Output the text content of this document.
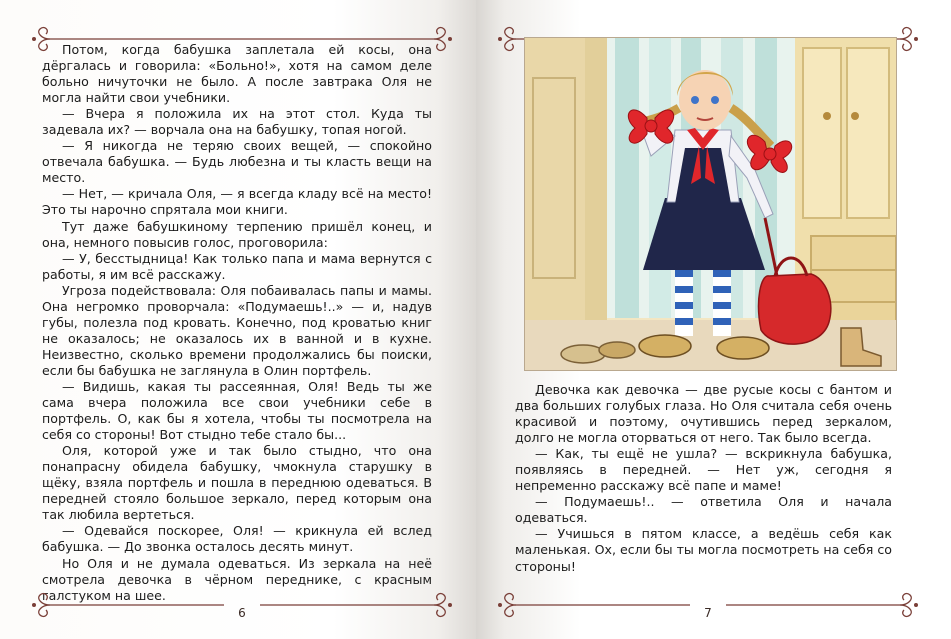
Потом, когда бабушка заплетала ей косы, она дёргалась и говорила: «Больно!», хотя на самом деле больно ничуточки не было. А после завтрака Оля не могла найти свои учебники.

— Вчера я положила их на этот стол. Куда ты задевала их? — ворчала она на бабушку, топая ногой.

— Я никогда не теряю своих вещей, — спокойно отвечала бабушка. — Будь любезна и ты класть вещи на место.

— Нет, — кричала Оля, — я всегда кладу всё на место! Это ты нарочно спрятала мои книги.

Тут даже бабушкиному терпению пришёл конец, и она, немного повысив голос, проговорила:

— У, бесстыдница! Как только папа и мама вернутся с работы, я им всё расскажу.

Угроза подействовала: Оля побаивалась папы и мамы. Она негромко проворчала: «Подумаешь!..» — и, надув губы, полезла под кровать. Конечно, под кроватью книг не оказалось; не оказалось их в ванной и в кухне. Неизвестно, сколько времени продолжались бы поиски, если бы бабушка не заглянула в Олин портфель.

— Видишь, какая ты рассеянная, Оля! Ведь ты же сама вчера положила все свои учебники себе в портфель. О, как бы я хотела, чтобы ты посмотрела на себя со стороны! Вот стыдно тебе стало бы...

Оля, которой уже и так было стыдно, что она понапрасну обидела бабушку, чмокнула старушку в щёку, взяла портфель и пошла в переднюю одеваться. В передней стояло большое зеркало, перед которым она так любила вертеться.

— Одевайся поскорее, Оля! — крикнула ей вслед бабушка. — До звонка осталось десять минут.

Но Оля и не думала одеваться. Из зеркала на неё смотрела девочка в чёрном переднике, с красным галстуком на шее.

6	7

Девочка как девочка — две русые косы с бантом и два больших голубых глаза. Но Оля считала себя очень красивой и поэтому, очутившись перед зеркалом, долго не могла оторваться от него. Так было всегда.

— Как, ты ещё не ушла? — вскрикнула бабушка, появляясь в передней. — Нет уж, сегодня я непременно расскажу всё папе и маме!

— Подумаешь!.. — ответила Оля и начала одеваться.

— Учишься в пятом классе, а ведёшь себя как маленькая. Ох, если бы ты могла посмотреть на себя со стороны!
